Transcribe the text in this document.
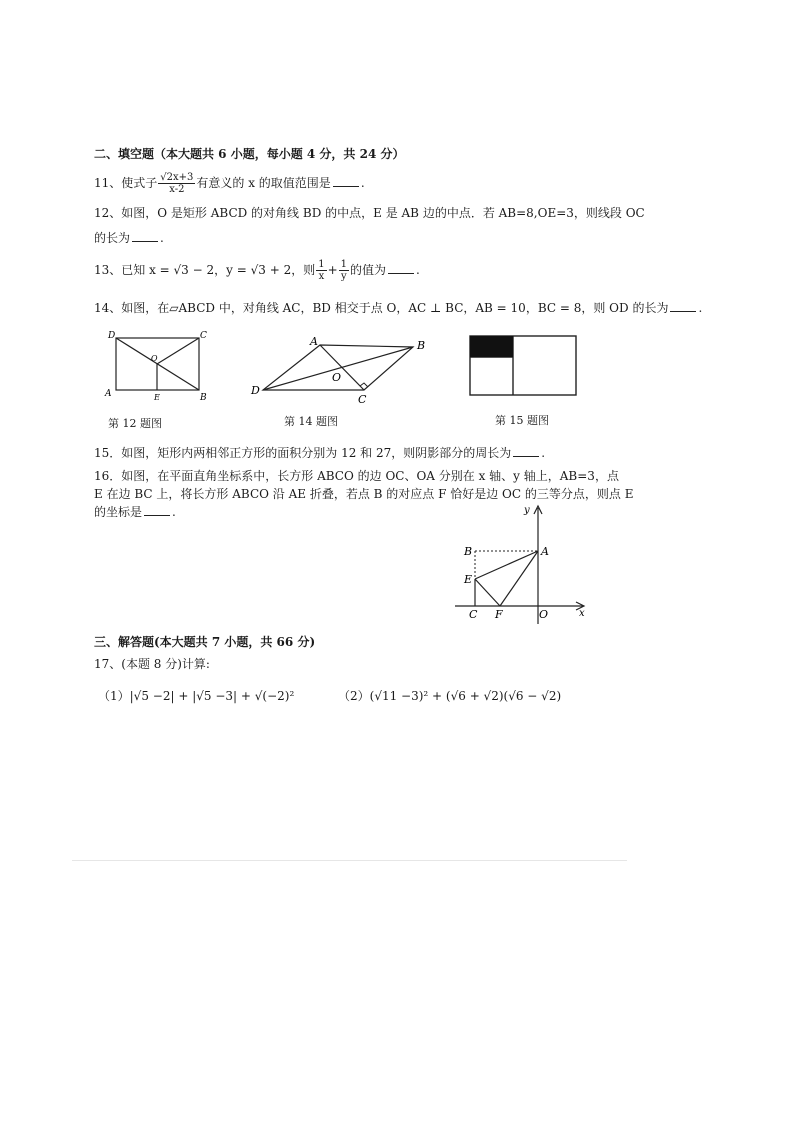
二、填空题（本大题共 6 小题，每小题 4 分，共 24 分）
11、使式子 $\frac{√2x+3}{x-2}$ 有意义的 x 的取值范围是	.
12、如图，O 是矩形 ABCD 的对角线 BD 的中点，E 是 AB 边的中点．若 AB=8,OE=3，则线段 OC
的长为	.
13、已知 x = √3 − 2，y = √3 + 2，则 $\frac{1}{x} + \frac{1}{y}$ 的值为	.
14、如图，在▱ABCD 中，对角线 AC，BD 相交于点 O，AC ⊥ BC，AB = 10，BC = 8，则 OD 的长为	.
D	C
O
A	E	B
第 12 题图
A	B
D
O
C
第 14 题图	第 15 题图
15．如图，矩形内两相邻正方形的面积分别为 12 和 27，则阴影部分的周长为	.
16．如图，在平面直角坐标系中，长方形 ABCO 的边 OC、OA 分别在 x 轴、y 轴上，AB=3，点
E 在边 BC 上，将长方形 ABCO 沿 AE 折叠，若点 B 的对应点 F 恰好是边 OC 的三等分点，则点 E
的坐标是	.	y
x
B	A
E
C F	O
三、解答题(本大题共 7 小题，共 66 分)
17、(本题 8 分)计算:
（1）|√5 −2| + |√5 −3| + √(−2)²	（2）(√11 −3)² + (√6 + √2)(√6 − √2)
